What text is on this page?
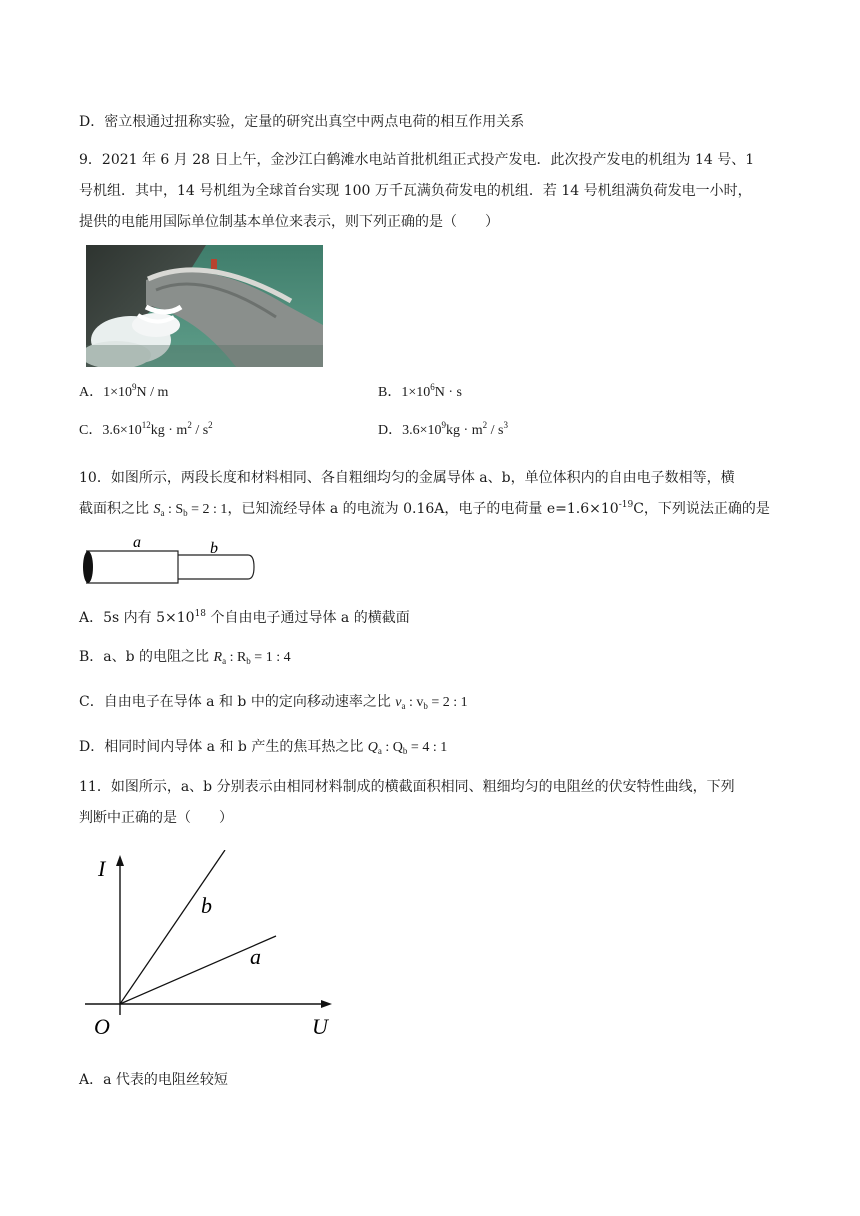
D．密立根通过扭称实验，定量的研究出真空中两点电荷的相互作用关系
9．2021 年 6 月 28 日上午，金沙江白鹤滩水电站首批机组正式投产发电．此次投产发电的机组为 14 号、1
号机组．其中，14 号机组为全球首台实现 100 万千瓦满负荷发电的机组．若 14 号机组满负荷发电一小时，
提供的电能用国际单位制基本单位来表示，则下列正确的是（　　）
A．$1\times 10^9N / m$	B．$1\times 10^6N \cdot s$
C．$3.6\times 10^{12}kg \cdot m^2 / s^2$	D．$3.6\times 10^9kg \cdot m^2 / s^3$
10．如图所示，两段长度和材料相同、各自粗细均匀的金属导体 a、b，单位体积内的自由电子数相等，横
截面积之比 $S_a$ : $S_b = 2$ : 1，已知流经导体 a 的电流为 0.16A，电子的电荷量 $e=1.6\times 10^{-19}C$，下列说法正确的是
a	b
A．5s 内有 $5\times 10^{18}$ 个自由电子通过导体 a 的横截面
B．a、b 的电阻之比 $R_a$ : $R_b = 1$ : 4
C．自由电子在导体 a 和 b 中的定向移动速率之比 $v_a$ : $v_b = 2$ : 1
D．相同时间内导体 a 和 b 产生的焦耳热之比 $Q_a$ : $Q_b = 4$ : 1
11．如图所示，a、b 分别表示由相同材料制成的横截面积相同、粗细均匀的电阻丝的伏安特性曲线，下列
判断中正确的是（　　）
I
U
O
b
a
A．a 代表的电阻丝较短
